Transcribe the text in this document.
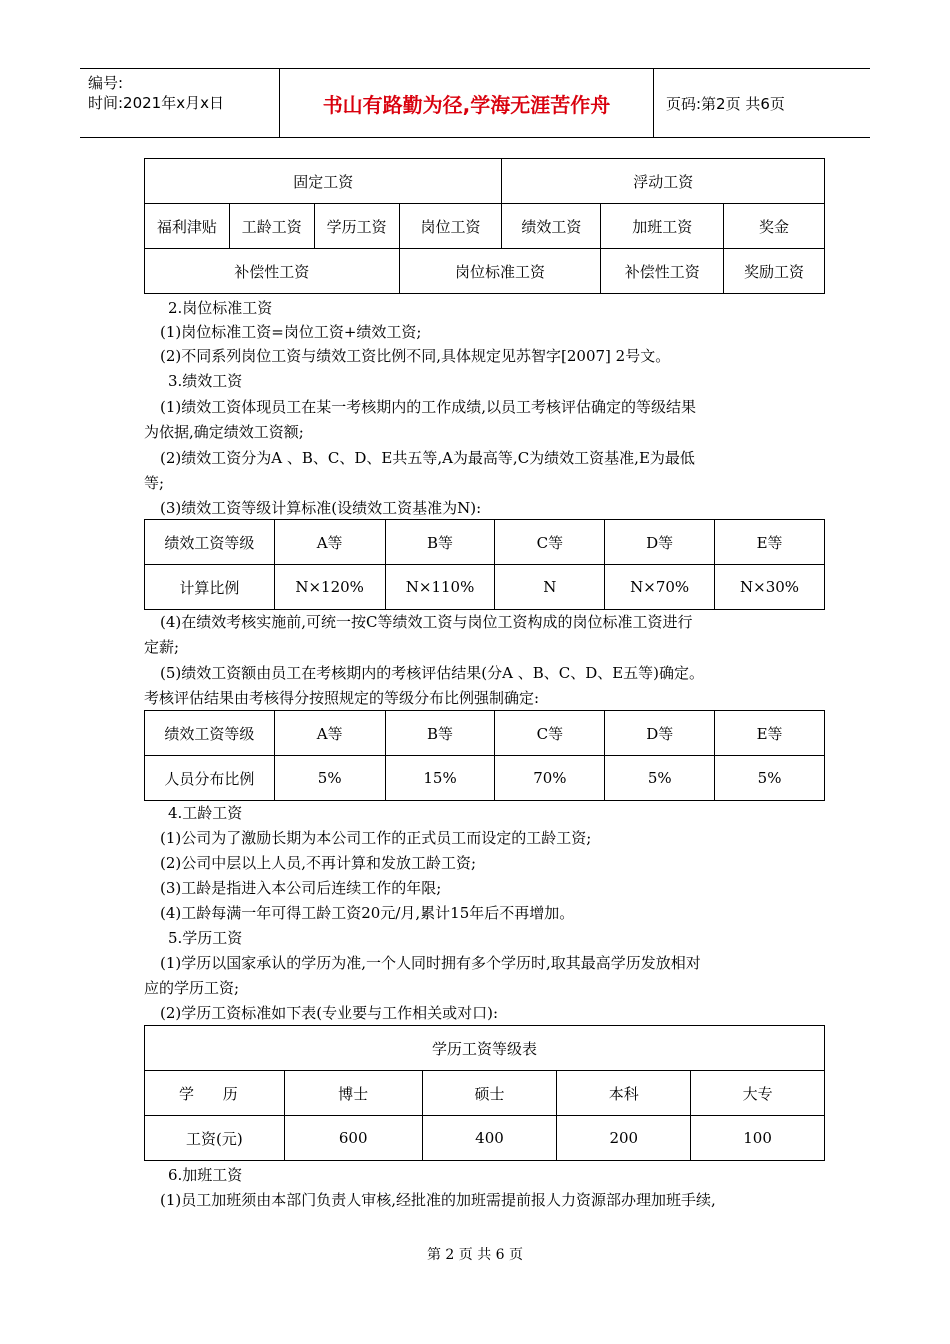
编号:
时间:2021年x月x日	书山有路勤为径,学海无涯苦作舟	页码:第2页 共6页
固定工资				浮动工资		
福利津贴	工龄工资	学历工资	岗位工资	绩效工资	加班工资	奖金
补偿性工资			岗位标准工资		补偿性工资	奖励工资
2.岗位标准工资
(1)岗位标准工资=岗位工资+绩效工资;
(2)不同系列岗位工资与绩效工资比例不同,具体规定见苏智字[2007] 2号文。
3.绩效工资
(1)绩效工资体现员工在某一考核期内的工作成绩,以员工考核评估确定的等级结果
为依据,确定绩效工资额;
(2)绩效工资分为A 、B、C、D、E共五等,A为最高等,C为绩效工资基准,E为最低
等;
(3)绩效工资等级计算标准(设绩效工资基准为N):
绩效工资等级	A等	B等	C等	D等	E等
计算比例	N×120%	N×110%	N	N×70%	N×30%
(4)在绩效考核实施前,可统一按C等绩效工资与岗位工资构成的岗位标准工资进行
定薪;
(5)绩效工资额由员工在考核期内的考核评估结果(分A 、B、C、D、E五等)确定。
考核评估结果由考核得分按照规定的等级分布比例强制确定:
绩效工资等级	A等	B等	C等	D等	E等
人员分布比例	5%	15%	70%	5%	5%
4.工龄工资
(1)公司为了激励长期为本公司工作的正式员工而设定的工龄工资;
(2)公司中层以上人员,不再计算和发放工龄工资;
(3)工龄是指进入本公司后连续工作的年限;
(4)工龄每满一年可得工龄工资20元/月,累计15年后不再增加。
5.学历工资
(1)学历以国家承认的学历为准,一个人同时拥有多个学历时,取其最高学历发放相对
应的学历工资;
(2)学历工资标准如下表(专业要与工作相关或对口):
学历工资等级表				
学 历	博士	硕士	本科	大专
工资(元)	600	400	200	100
6.加班工资
(1)员工加班须由本部门负责人审核,经批准的加班需提前报人力资源部办理加班手续,
第 2 页 共 6 页
